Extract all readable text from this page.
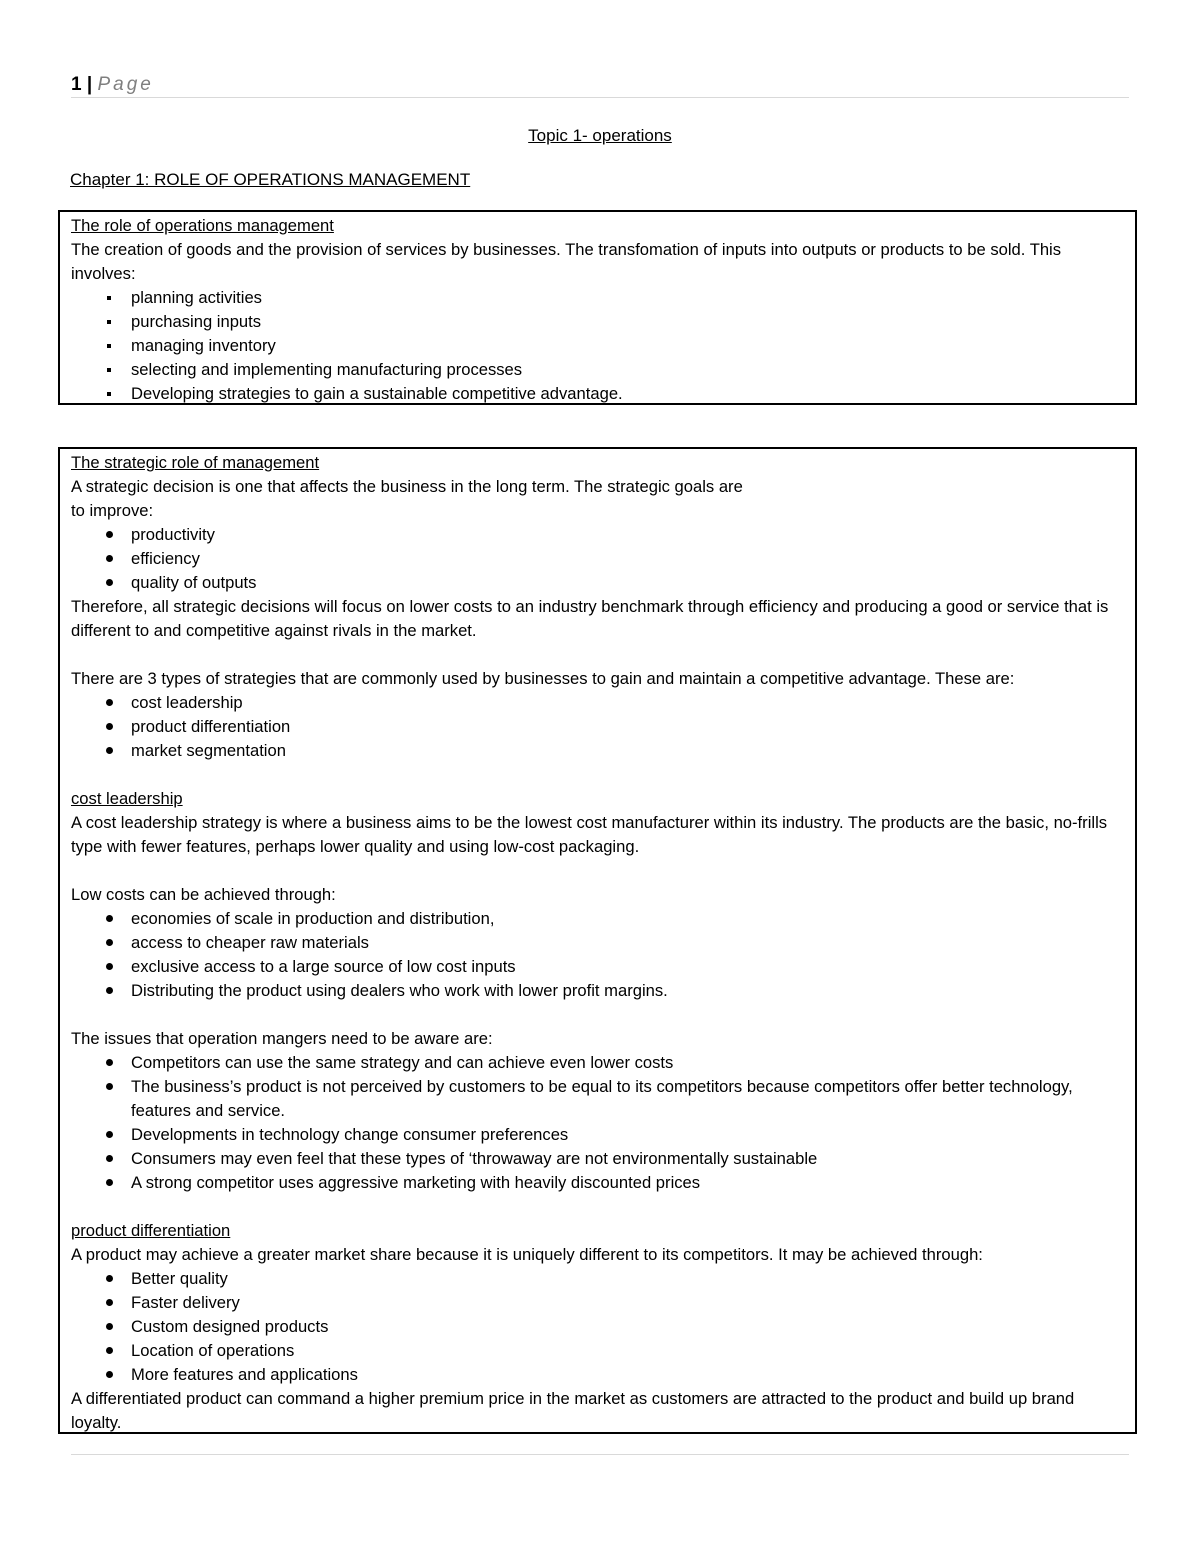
1 | Page
Topic 1- operations
Chapter 1: ROLE OF OPERATIONS MANAGEMENT

The role of operations management

The creation of goods and the provision of services by businesses. The transfomation of inputs into outputs or products to be sold. This involves:

planning activities
purchasing inputs
managing inventory
selecting and implementing manufacturing processes
Developing strategies to gain a sustainable competitive advantage.

The strategic role of management

A strategic decision is one that affects the business in the long term. The strategic goals are

to improve:

productivity
efficiency
quality of outputs

Therefore, all strategic decisions will focus on lower costs to an industry benchmark through efficiency and producing a good or service that is different to and competitive against rivals in the market.

There are 3 types of strategies that are commonly used by businesses to gain and maintain a competitive advantage. These are:

cost leadership
product differentiation
market segmentation

cost leadership

A cost leadership strategy is where a business aims to be the lowest cost manufacturer within its industry. The products are the basic, no-frills type with fewer features, perhaps lower quality and using low-cost packaging.

Low costs can be achieved through:

economies of scale in production and distribution,
access to cheaper raw materials
exclusive access to a large source of low cost inputs
Distributing the product using dealers who work with lower profit margins.

The issues that operation mangers need to be aware are:

Competitors can use the same strategy and can achieve even lower costs
The business’s product is not perceived by customers to be equal to its competitors because competitors offer better technology, features and service.
Developments in technology change consumer preferences
Consumers may even feel that these types of ‘throwaway are not environmentally sustainable
A strong competitor uses aggressive marketing with heavily discounted prices

product differentiation

A product may achieve a greater market share because it is uniquely different to its competitors. It may be achieved through:

Better quality
Faster delivery
Custom designed products
Location of operations
More features and applications

A differentiated product can command a higher premium price in the market as customers are attracted to the product and build up brand loyalty.
